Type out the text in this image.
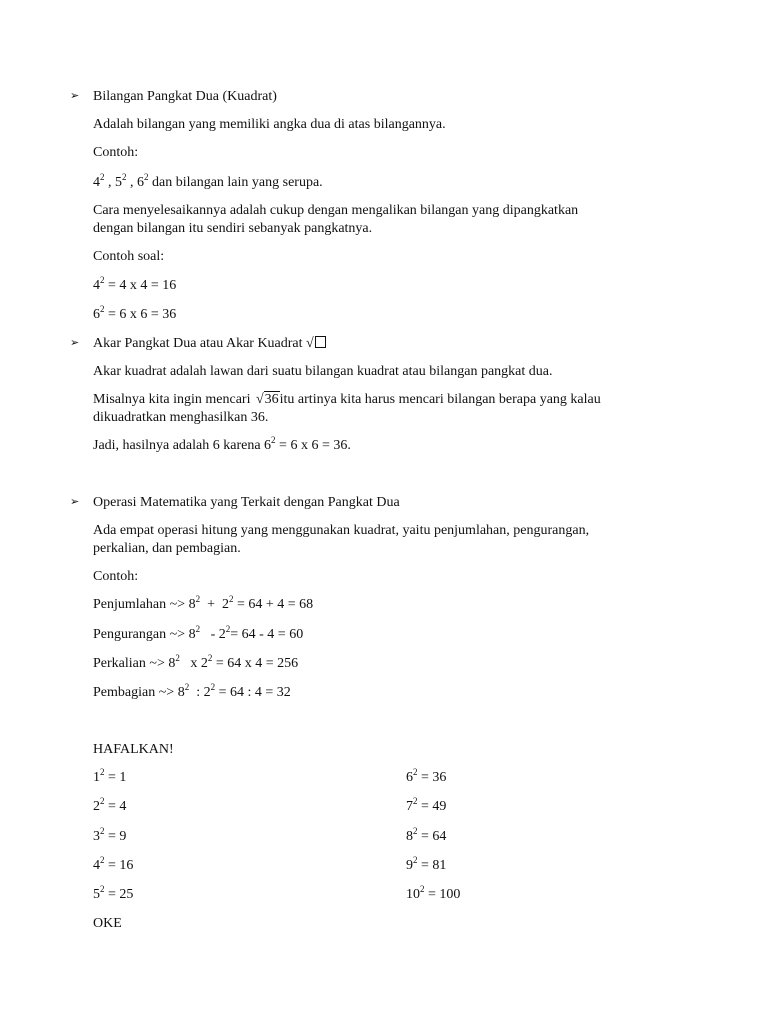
➢ Bilangan Pangkat Dua (Kuadrat)
Adalah bilangan yang memiliki angka dua di atas bilangannya.
Contoh:
$4^2$ , $5^2$ , $6^2$ dan bilangan lain yang serupa.
Cara menyelesaikannya adalah cukup dengan mengalikan bilangan yang dipangkatkan
dengan bilangan itu sendiri sebanyak pangkatnya.
Contoh soal:
$4^2 = 4$ x 4 = 16
$6^2 = 6$ x 6 = 36
➢ Akar Pangkat Dua atau Akar Kuadrat √
Akar kuadrat adalah lawan dari suatu bilangan kuadrat atau bilangan pangkat dua.
Misalnya kita ingin mencari √36itu artinya kita harus mencari bilangan berapa yang kalau
dikuadratkan menghasilkan 36.
Jadi, hasilnya adalah 6 karena $6^2 = 6$ x 6 = 36.
➢ Operasi Matematika yang Terkait dengan Pangkat Dua
Ada empat operasi hitung yang menggunakan kuadrat, yaitu penjumlahan, pengurangan,
perkalian, dan pembagian.
Contoh:
Penjumlahan ~> $8^2 + 2^2 = 64 + 4 = 68$
Pengurangan ~> $8^2 - 2^2= 64 - 4 = 60$
Perkalian ~> $8^2$   x $2^2 = 64$ x 4 = 256
Pembagian ~> $8^2$  : $2^2 = 64$ : 4 = 32
HAFALKAN!
$1^2 = 1$
$2^2 = 4$
$3^2 = 9$
$4^2 = 16$
$5^2 = 25$
$6^2 = 36$
$7^2 = 49$
$8^2 = 64$
$9^2 = 81$
$10^2 = 100$
OKE
